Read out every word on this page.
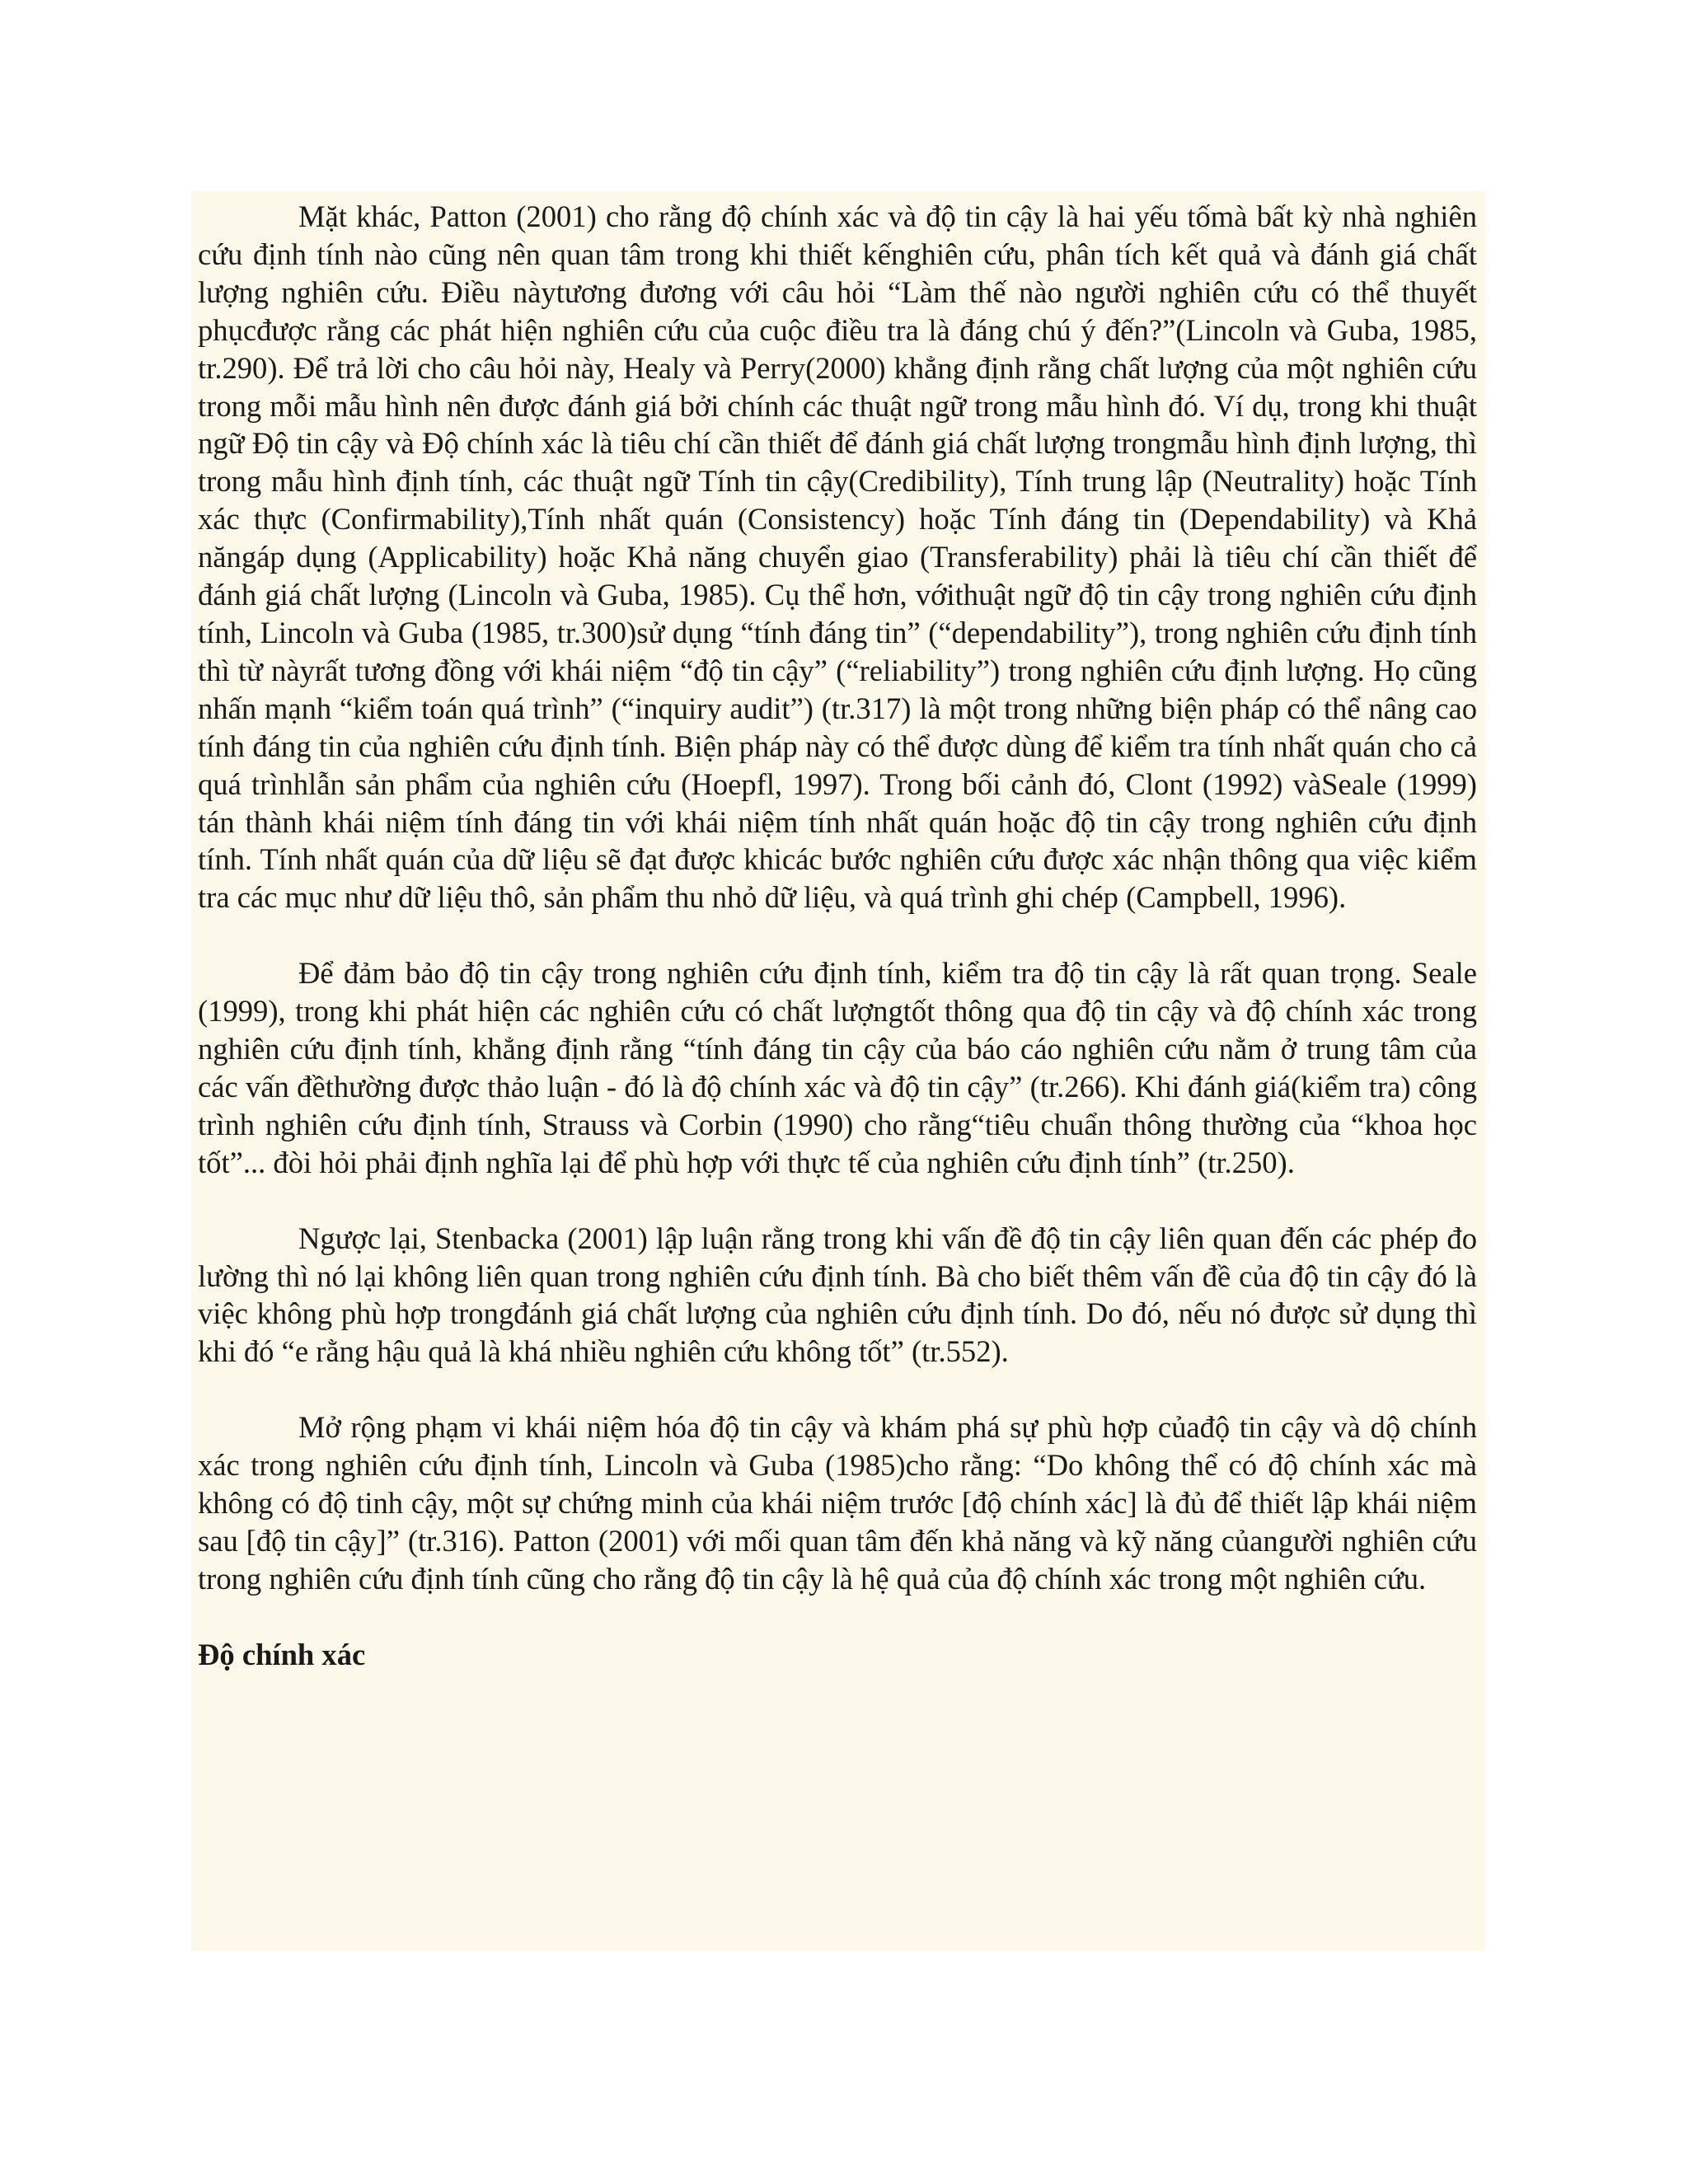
Mặt khác, Patton (2001) cho rằng độ chính xác và độ tin cậy là hai yếu tốmà bất kỳ nhà nghiên cứu định tính nào cũng nên quan tâm trong khi thiết kếnghiên cứu, phân tích kết quả và đánh giá chất lượng nghiên cứu. Điều nàytương đương với câu hỏi “Làm thế nào người nghiên cứu có thể thuyết phụcđược rằng các phát hiện nghiên cứu của cuộc điều tra là đáng chú ý đến?”(Lincoln và Guba, 1985, tr.290). Để trả lời cho câu hỏi này, Healy và Perry(2000) khẳng định rằng chất lượng của một nghiên cứu trong mỗi mẫu hình nên được đánh giá bởi chính các thuật ngữ trong mẫu hình đó. Ví dụ, trong khi thuật ngữ Độ tin cậy và Độ chính xác là tiêu chí cần thiết để đánh giá chất lượng trongmẫu hình định lượng, thì trong mẫu hình định tính, các thuật ngữ Tính tin cậy(Credibility), Tính trung lập (Neutrality) hoặc Tính xác thực (Confirmability),Tính nhất quán (Consistency) hoặc Tính đáng tin (Dependability) và Khả năngáp dụng (Applicability) hoặc Khả năng chuyển giao (Transferability) phải là tiêu chí cần thiết để đánh giá chất lượng (Lincoln và Guba, 1985). Cụ thể hơn, vớithuật ngữ độ tin cậy trong nghiên cứu định tính, Lincoln và Guba (1985, tr.300)sử dụng “tính đáng tin” (“dependability”), trong nghiên cứu định tính thì từ nàyrất tương đồng với khái niệm “độ tin cậy” (“reliability”) trong nghiên cứu định lượng. Họ cũng nhấn mạnh “kiểm toán quá trình” (“inquiry audit”) (tr.317) là một trong những biện pháp có thể nâng cao tính đáng tin của nghiên cứu định tính. Biện pháp này có thể được dùng để kiểm tra tính nhất quán cho cả quá trìnhlẫn sản phẩm của nghiên cứu (Hoepfl, 1997). Trong bối cảnh đó, Clont (1992) vàSeale (1999) tán thành khái niệm tính đáng tin với khái niệm tính nhất quán hoặc độ tin cậy trong nghiên cứu định tính. Tính nhất quán của dữ liệu sẽ đạt được khicác bước nghiên cứu được xác nhận thông qua việc kiểm tra các mục như dữ liệu thô, sản phẩm thu nhỏ dữ liệu, và quá trình ghi chép (Campbell, 1996).

Để đảm bảo độ tin cậy trong nghiên cứu định tính, kiểm tra độ tin cậy là rất quan trọng. Seale (1999), trong khi phát hiện các nghiên cứu có chất lượngtốt thông qua độ tin cậy và độ chính xác trong nghiên cứu định tính, khẳng định rằng “tính đáng tin cậy của báo cáo nghiên cứu nằm ở trung tâm của các vấn đềthường được thảo luận - đó là độ chính xác và độ tin cậy” (tr.266). Khi đánh giá(kiểm tra) công trình nghiên cứu định tính, Strauss và Corbin (1990) cho rằng“tiêu chuẩn thông thường của “khoa học tốt”... đòi hỏi phải định nghĩa lại để phù hợp với thực tế của nghiên cứu định tính” (tr.250).

Ngược lại, Stenbacka (2001) lập luận rằng trong khi vấn đề độ tin cậy liên quan đến các phép đo lường thì nó lại không liên quan trong nghiên cứu định tính. Bà cho biết thêm vấn đề của độ tin cậy đó là việc không phù hợp trongđánh giá chất lượng của nghiên cứu định tính. Do đó, nếu nó được sử dụng thì khi đó “e rằng hậu quả là khá nhiều nghiên cứu không tốt” (tr.552).

Mở rộng phạm vi khái niệm hóa độ tin cậy và khám phá sự phù hợp củađộ tin cậy và dộ chính xác trong nghiên cứu định tính, Lincoln và Guba (1985)cho rằng: “Do không thể có độ chính xác mà không có độ tinh cậy, một sự chứng minh của khái niệm trước [độ chính xác] là đủ để thiết lập khái niệm sau [độ tin cậy]” (tr.316). Patton (2001) với mối quan tâm đến khả năng và kỹ năng củangười nghiên cứu trong nghiên cứu định tính cũng cho rằng độ tin cậy là hệ quả của độ chính xác trong một nghiên cứu.

Độ chính xác
